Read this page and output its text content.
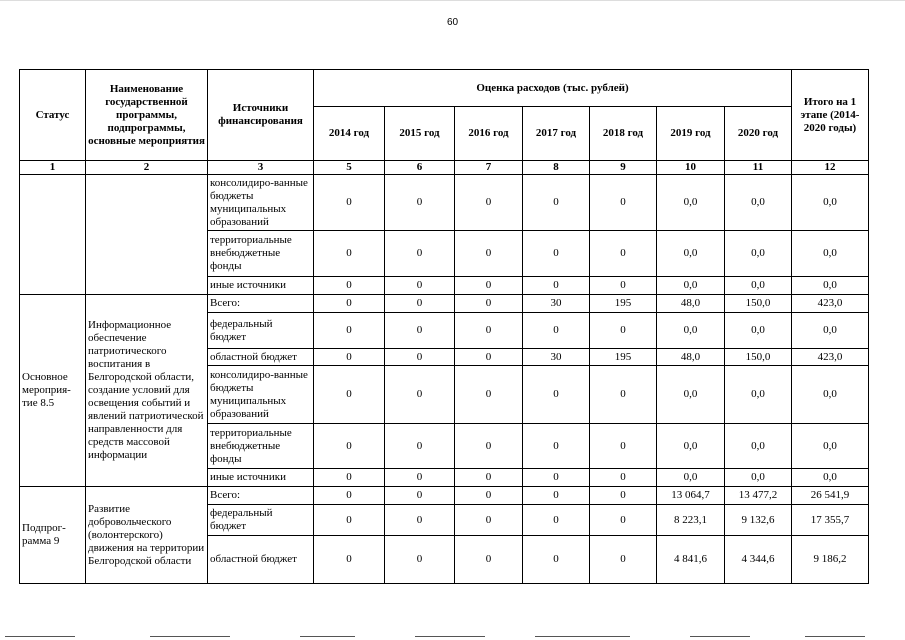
60
Статус	Наименование государственной программы, подпрограммы, основные мероприятия	Источники финансирования	Оценка расходов (тыс. рублей)							Итого на 1 этапе (2014-2020 годы)
			2014 год	2015 год	2016 год	2017 год	2018 год	2019 год	2020 год	
1	2	3	5	6	7	8	9	10	11	12
		консолидиро-ванные бюджеты муниципальных образований	0	0	0	0	0	0,0	0,0	0,0
		территориальные внебюджетные фонды	0	0	0	0	0	0,0	0,0	0,0
		иные источники	0	0	0	0	0	0,0	0,0	0,0
Основное мероприя-тие 8.5	Информационное обеспечение патриотического воспитания в Белгородской области, создание условий для освещения событий и явлений патриотической направленности для средств массовой информации	Всего:	0	0	0	30	195	48,0	150,0	423,0
		федеральный бюджет	0	0	0	0	0	0,0	0,0	0,0
		областной бюджет	0	0	0	30	195	48,0	150,0	423,0
		консолидиро-ванные бюджеты муниципальных образований	0	0	0	0	0	0,0	0,0	0,0
		территориальные внебюджетные фонды	0	0	0	0	0	0,0	0,0	0,0
		иные источники	0	0	0	0	0	0,0	0,0	0,0
Подпрог-рамма 9	Развитие добровольческого (волонтерского) движения на территории Белгородской области	Всего:	0	0	0	0	0	13 064,7	13 477,2	26 541,9
		федеральный бюджет	0	0	0	0	0	8 223,1	9 132,6	17 355,7
		областной бюджет	0	0	0	0	0	4 841,6	4 344,6	9 186,2
